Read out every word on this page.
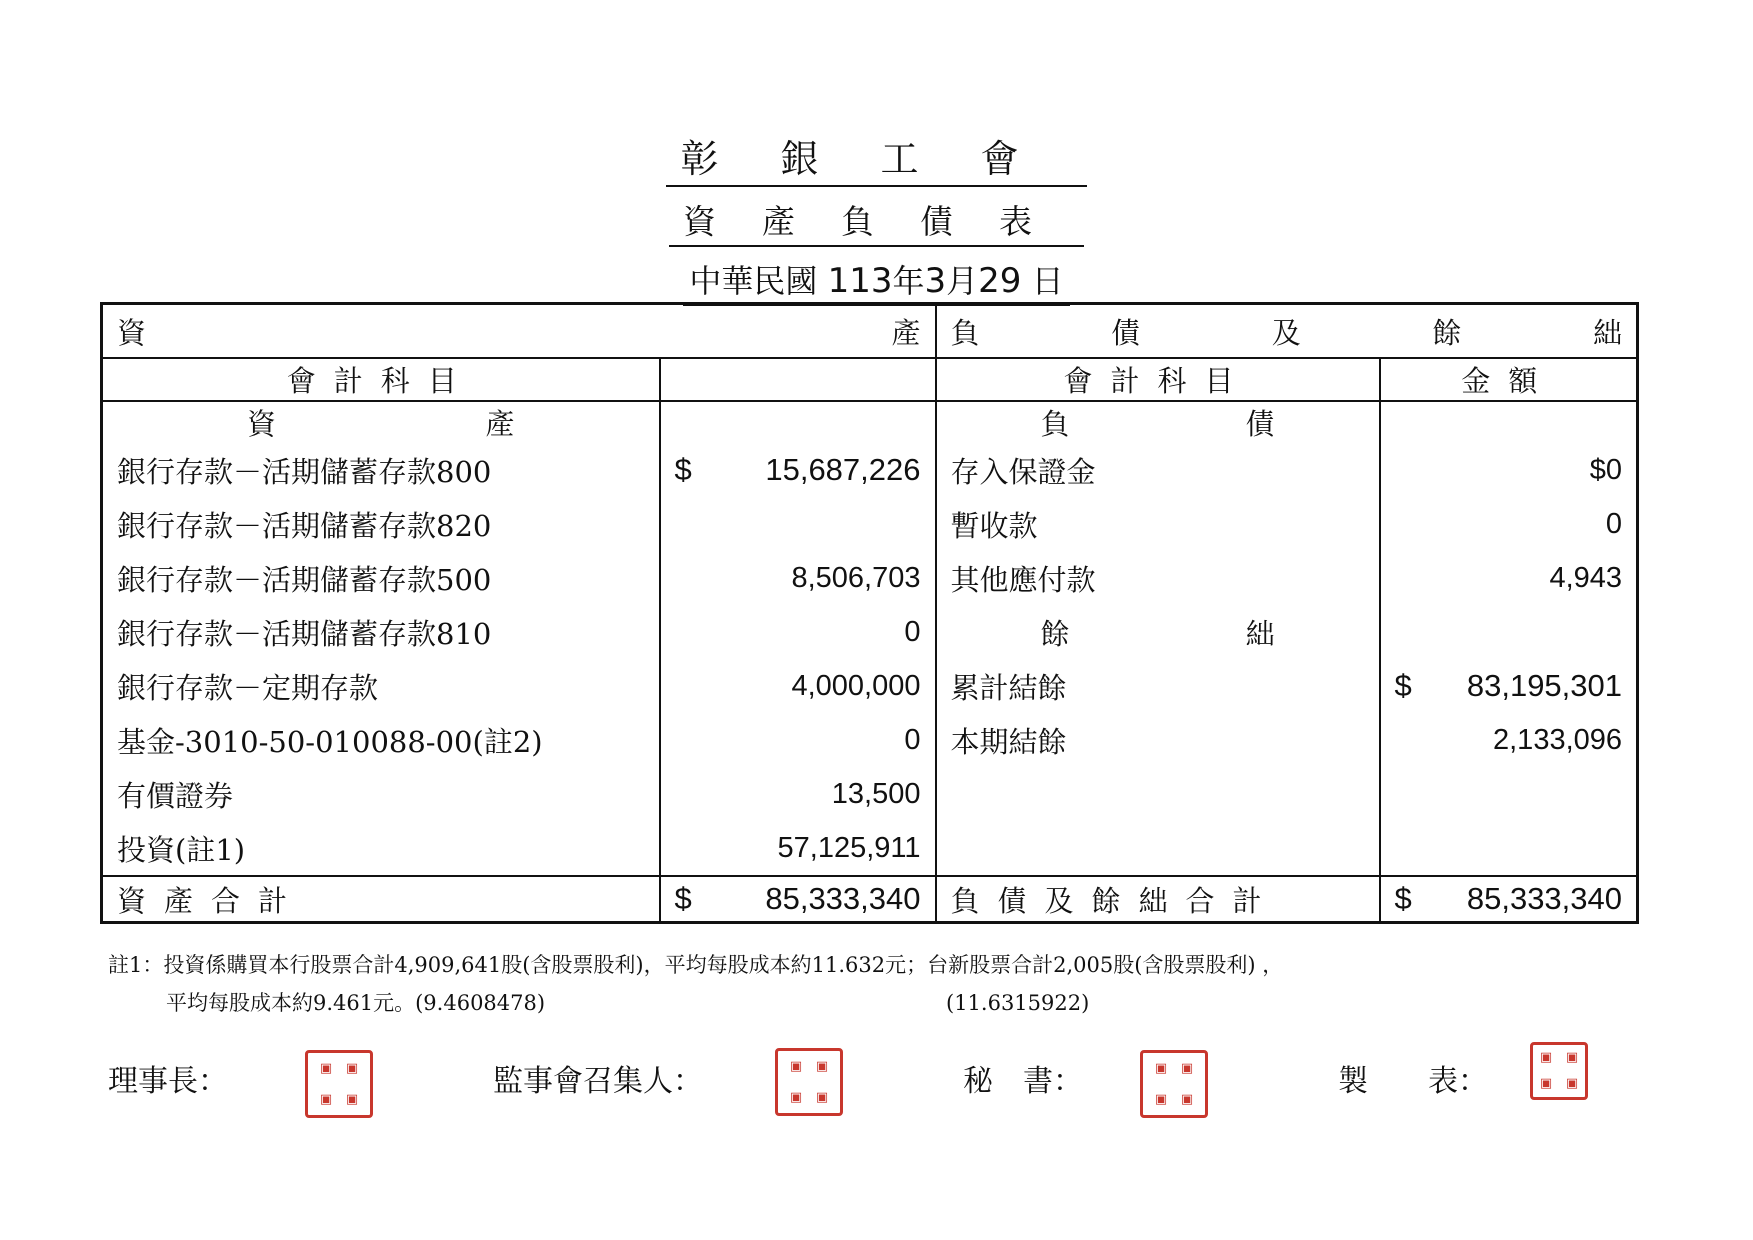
彰銀工會
資產負債表
中華民國 113年3月29 日
資 產		負 債 及 餘 絀	

會計科目		會計科目	金額

資 產		負 債	

銀行存款－活期儲蓄存款800	$ 15,687,226	存入保證金	$0
銀行存款－活期儲蓄存款820		暫收款	0
銀行存款－活期儲蓄存款500	8,506,703	其他應付款	4,943
銀行存款－活期儲蓄存款810	0	餘 絀	

銀行存款－定期存款	4,000,000	累計結餘	$ 83,195,301

基金-3010-50-010088-00(註2)	0	本期結餘	2,133,096
有價證券	13,500		
投資(註1)	57,125,911		
資產合計	$ 85,333,340	負債及餘絀合計	$ 85,333,340
註1：投資係購買本行股票合計4,909,641股(含股票股利)，平均每股成本約11.632元；台新股票合計2,005股(含股票股利) ，
平均每股成本約9.461元。(9.4608478)	(11.6315922)
理事長：	▣	▣
▣	▣	監事會召集人：	▣	▣
▣	▣	秘　書：	▣	▣
▣	▣	製　　表：
▣	▣
▣	▣
